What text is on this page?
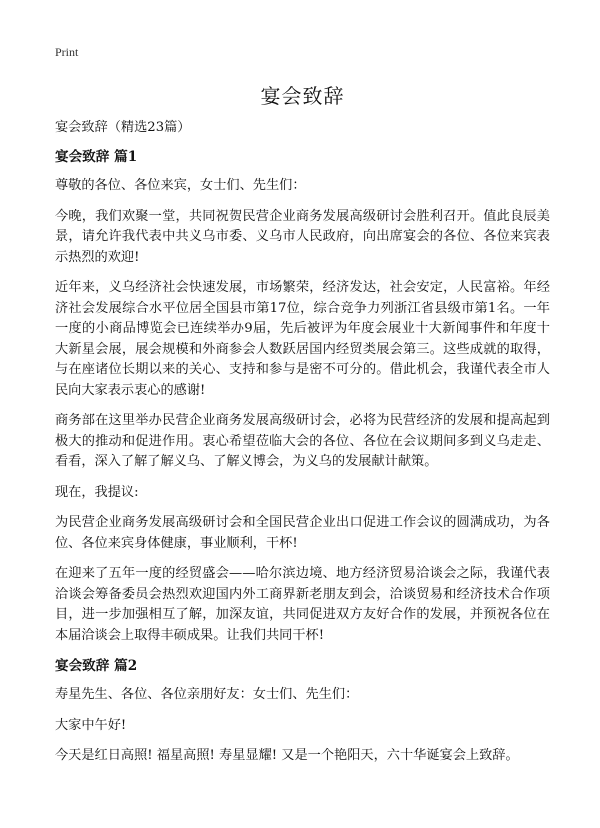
Print
宴会致辞

宴会致辞（精选23篇）

宴会致辞 篇1

尊敬的各位、各位来宾，女士们、先生们：

今晚，我们欢聚一堂，共同祝贺民营企业商务发展高级研讨会胜利召开。值此良辰美景，请允许我代表中共义乌市委、义乌市人民政府，向出席宴会的各位、各位来宾表示热烈的欢迎!

近年来，义乌经济社会快速发展，市场繁荣，经济发达，社会安定，人民富裕。年经济社会发展综合水平位居全国县市第17位，综合竞争力列浙江省县级市第1名。一年一度的小商品博览会已连续举办9届，先后被评为年度会展业十大新闻事件和年度十大新星会展，展会规模和外商参会人数跃居国内经贸类展会第三。这些成就的取得，与在座诸位长期以来的关心、支持和参与是密不可分的。借此机会，我谨代表全市人民向大家表示衷心的感谢!

商务部在这里举办民营企业商务发展高级研讨会，必将为民营经济的发展和提高起到极大的推动和促进作用。衷心希望莅临大会的各位、各位在会议期间多到义乌走走、看看，深入了解了解义乌、了解义博会，为义乌的发展献计献策。

现在，我提议:

为民营企业商务发展高级研讨会和全国民营企业出口促进工作会议的圆满成功，为各位、各位来宾身体健康，事业顺利，干杯!

在迎来了五年一度的经贸盛会——哈尔滨边境、地方经济贸易洽谈会之际，我谨代表洽谈会筹备委员会热烈欢迎国内外工商界新老朋友到会，洽谈贸易和经济技术合作项目，进一步加强相互了解，加深友谊，共同促进双方友好合作的发展，并预祝各位在本届洽谈会上取得丰硕成果。让我们共同干杯!

宴会致辞 篇2

寿星先生、各位、各位亲朋好友：女士们、先生们：

大家中午好!

今天是红日高照! 福星高照! 寿星显耀! 又是一个艳阳天，六十华诞宴会上致辞。
